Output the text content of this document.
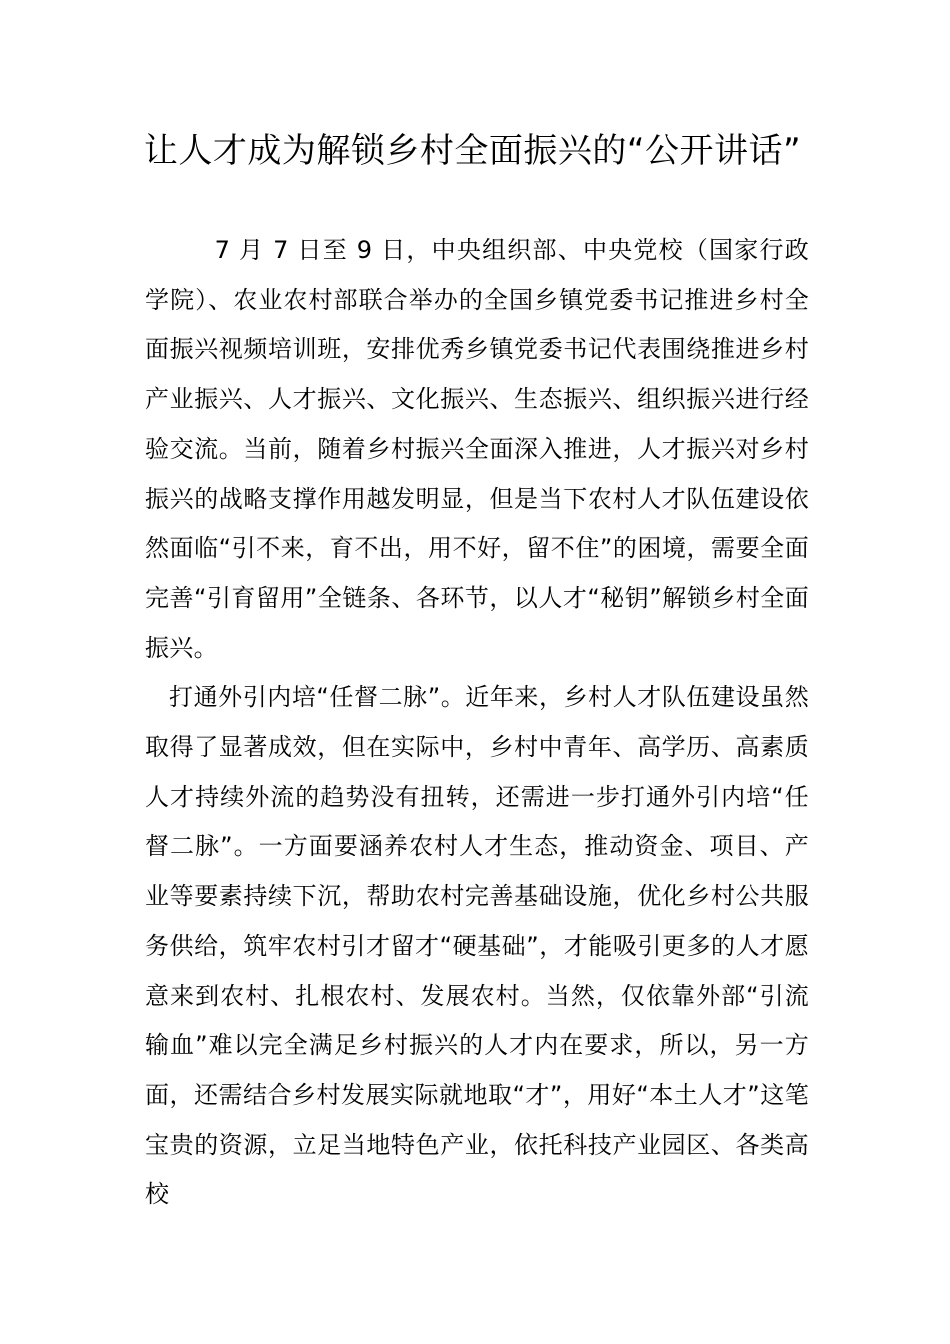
让人才成为解锁乡村全面振兴的“公开讲话”

7 月 7 日至 9 日，中央组织部、中央党校（国家行政学院）、农业农村部联合举办的全国乡镇党委书记推进乡村全面振兴视频培训班，安排优秀乡镇党委书记代表围绕推进乡村产业振兴、人才振兴、文化振兴、生态振兴、组织振兴进行经验交流。当前，随着乡村振兴全面深入推进，人才振兴对乡村振兴的战略支撑作用越发明显，但是当下农村人才队伍建设依然面临“引不来，育不出，用不好，留不住”的困境，需要全面完善“引育留用”全链条、各环节，以人才“秘钥”解锁乡村全面振兴。

打通外引内培“任督二脉”。近年来，乡村人才队伍建设虽然取得了显著成效，但在实际中，乡村中青年、高学历、高素质人才持续外流的趋势没有扭转，还需进一步打通外引内培“任督二脉”。一方面要涵养农村人才生态，推动资金、项目、产业等要素持续下沉，帮助农村完善基础设施，优化乡村公共服务供给，筑牢农村引才留才“硬基础”，才能吸引更多的人才愿意来到农村、扎根农村、发展农村。当然，仅依靠外部“引流输血”难以完全满足乡村振兴的人才内在要求，所以，另一方面，还需结合乡村发展实际就地取“才”，用好“本土人才”这笔宝贵的资源，立足当地特色产业，依托科技产业园区、各类高校
